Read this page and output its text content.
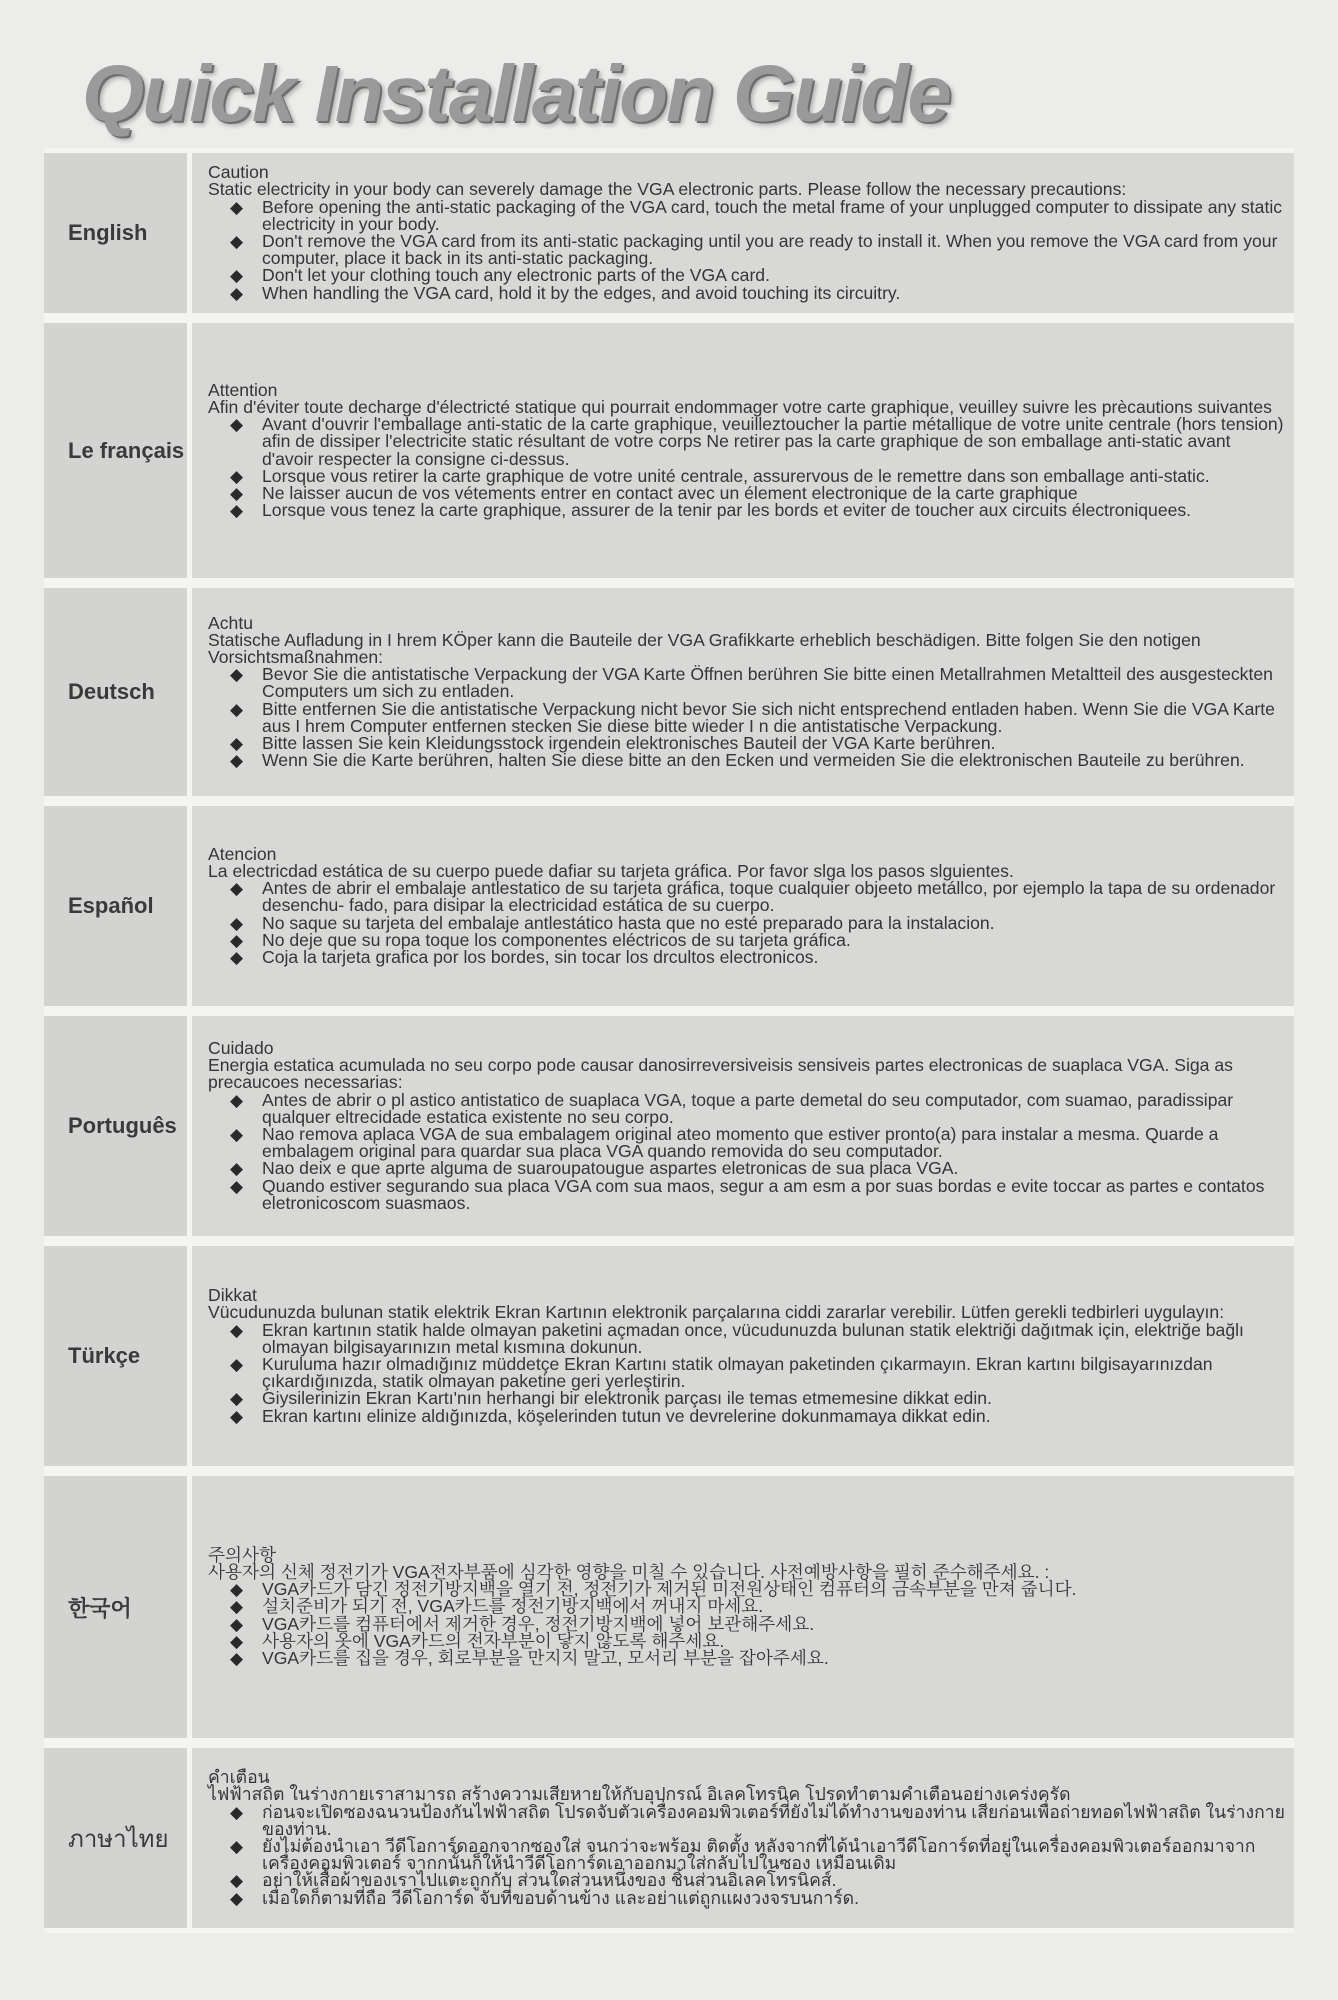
Quick Installation Guide
English
Caution
Static electricity in your body can severely damage the VGA electronic parts. Please follow the necessary precautions:
◆ Before opening the anti-static packaging of the VGA card, touch the metal frame of your unplugged computer to dissipate any static electricity in your body.
◆ Don't remove the VGA card from its anti-static packaging until you are ready to install it. When you remove the VGA card from your computer, place it back in its anti-static packaging.
◆ Don't let your clothing touch any electronic parts of the VGA card.
◆ When handling the VGA card, hold it by the edges, and avoid touching its circuitry.
Le français
Attention
Afin d'éviter toute decharge d'électricté statique qui pourrait endommager votre carte graphique, veuilley suivre les prècautions suivantes
◆ Avant d'ouvrir l'emballage anti-static de la carte graphique, veuilleztoucher la partie métallique de votre unite centrale (hors tension) afin de dissiper l'electricite static résultant de votre corps Ne retirer pas la carte graphique de son emballage anti-static avant d'avoir respecter la consigne ci-dessus.
◆ Lorsque vous retirer la carte graphique de votre unité centrale, assurervous de le remettre dans son emballage anti-static.
◆ Ne laisser aucun de vos vétements entrer en contact avec un élement electronique de la carte graphique
◆ Lorsque vous tenez la carte graphique, assurer de la tenir par les bords et eviter de toucher aux circuits électroniquees.
Deutsch
Achtu
Statische Aufladung in I hrem KÖper kann die Bauteile der VGA Grafikkarte erheblich beschädigen. Bitte folgen Sie den notigen Vorsichtsmaßnahmen:
◆ Bevor Sie die antistatische Verpackung der VGA Karte Öffnen berühren Sie bitte einen Metallrahmen Metaltteil des ausgesteckten Computers um sich zu entladen.
◆ Bitte entfernen Sie die antistatische Verpackung nicht bevor Sie sich nicht entsprechend entladen haben. Wenn Sie die VGA Karte aus I hrem Computer entfernen stecken Sie diese bitte wieder I n die antistatische Verpackung.
◆ Bitte lassen Sie kein Kleidungsstock irgendein elektronisches Bauteil der VGA Karte berühren.
◆ Wenn Sie die Karte berühren, halten Sie diese bitte an den Ecken und vermeiden Sie die elektronischen Bauteile zu berühren.
Español
Atencion
La electricdad estática de su cuerpo puede dafiar su tarjeta gráfica. Por favor slga los pasos slguientes.
◆ Antes de abrir el embalaje antlestatico de su tarjeta gráfica, toque cualquier objeeto metállco, por ejemplo la tapa de su ordenador desenchu- fado, para disipar la electricidad estática de su cuerpo.
◆ No saque su tarjeta del embalaje antlestático hasta que no esté preparado para la instalacion.
◆ No deje que su ropa toque los componentes eléctricos de su tarjeta gráfica.
◆ Coja la tarjeta grafica por los bordes, sin tocar los drcultos electronicos.
Português
Cuidado
Energia estatica acumulada no seu corpo pode causar danosirreversiveisis sensiveis partes electronicas de suaplaca VGA. Siga as precaucoes necessarias:
◆ Antes de abrir o pl astico antistatico de suaplaca VGA, toque a parte demetal do seu computador, com suamao, paradissipar qualquer eltrecidade estatica existente no seu corpo.
◆ Nao remova aplaca VGA de sua embalagem original ateo momento que estiver pronto(a) para instalar a mesma. Quarde a embalagem original para quardar sua placa VGA quando removida do seu computador.
◆ Nao deix e que aprte alguma de suaroupatougue aspartes eletronicas de sua placa VGA.
◆ Quando estiver segurando sua placa VGA com sua maos, segur a am esm a por suas bordas e evite toccar as partes e contatos eletronicoscom suasmaos.
Türkçe
Dikkat
Vücudunuzda bulunan statik elektrik Ekran Kartının elektronik parçalarına ciddi zararlar verebilir. Lütfen gerekli tedbirleri uygulayın:
◆ Ekran kartının statik halde olmayan paketini açmadan once, vücudunuzda bulunan statik elektriği dağıtmak için, elektriğe bağlı olmayan bilgisayarınızın metal kısmına dokunun.
◆ Kuruluma hazır olmadığınız müddetçe Ekran Kartını statik olmayan paketinden çıkarmayın. Ekran kartını bilgisayarınızdan çıkardığınızda, statik olmayan paketine geri yerleştirin.
◆ Giysilerinizin Ekran Kartı'nın herhangi bir elektronik parçası ile temas etmemesine dikkat edin.
◆ Ekran kartını elinize aldığınızda, köşelerinden tutun ve devrelerine dokunmamaya dikkat edin.
한국어
주의사항
사용자의 신체 정전기가 VGA전자부품에 심각한 영향을 미칠 수 있습니다. 사전예방사항을 필히 준수해주세요. :
◆ VGA카드가 담긴 정전기방지백을 열기 전, 정전기가 제거된 미전원상태인 컴퓨터의 금속부분을 만져 줍니다.
◆ 설치준비가 되기 전, VGA카드를 정전기방지백에서 꺼내지 마세요.
◆ VGA카드를 컴퓨터에서 제거한 경우, 정전기방지백에 넣어 보관해주세요.
◆ 사용자의 옷에 VGA카드의 전자부분이 닿지 않도록 해주세요.
◆ VGA카드를 집을 경우, 회로부분을 만지지 말고, 모서리 부분을 잡아주세요.
ภาษาไทย
คำเตือน
ไฟฟ้าสถิต ในร่างกายเราสามารถ สร้างความเสียหายให้กับอุปกรณ์ อิเลคโทรนิค โปรดทำตามคำเตือนอย่างเคร่งครัด
◆ ก่อนจะเปิดซองฉนวนป้องกันไฟฟ้าสถิต โปรดจับตัวเครื่องคอมพิวเตอร์ที่ยังไม่ได้ทำงานของท่าน เสียก่อนเพื่อถ่ายทอดไฟฟ้าสถิต ในร่างกายของท่าน.
◆ ยังไม่ต้องนำเอา วีดีโอการ์ดออกจากซองใส่ จนกว่าจะพร้อม ติดตั้ง หลังจากที่ได้นำเอาวีดีโอการ์ดที่อยู่ในเครื่องคอมพิวเตอร์ออกมาจากเครื่องคอมพิวเตอร์ จากกนั้นก็ให้นำวีดีโอการ์ดเอาออกมาใส่กลับไปในซอง เหมือนเดิม
◆ อย่าให้เสื้อผ้าของเราไปแตะถูกกับ ส่วนใดส่วนหนึ่งของ ชิ้นส่วนอิเลคโทรนิคส์.
◆ เมื่อใดก็ตามที่ถือ วีดีโอการ์ด จับที่ขอบด้านข้าง และอย่าแต่ถูกแผงวงจรบนการ์ด.
